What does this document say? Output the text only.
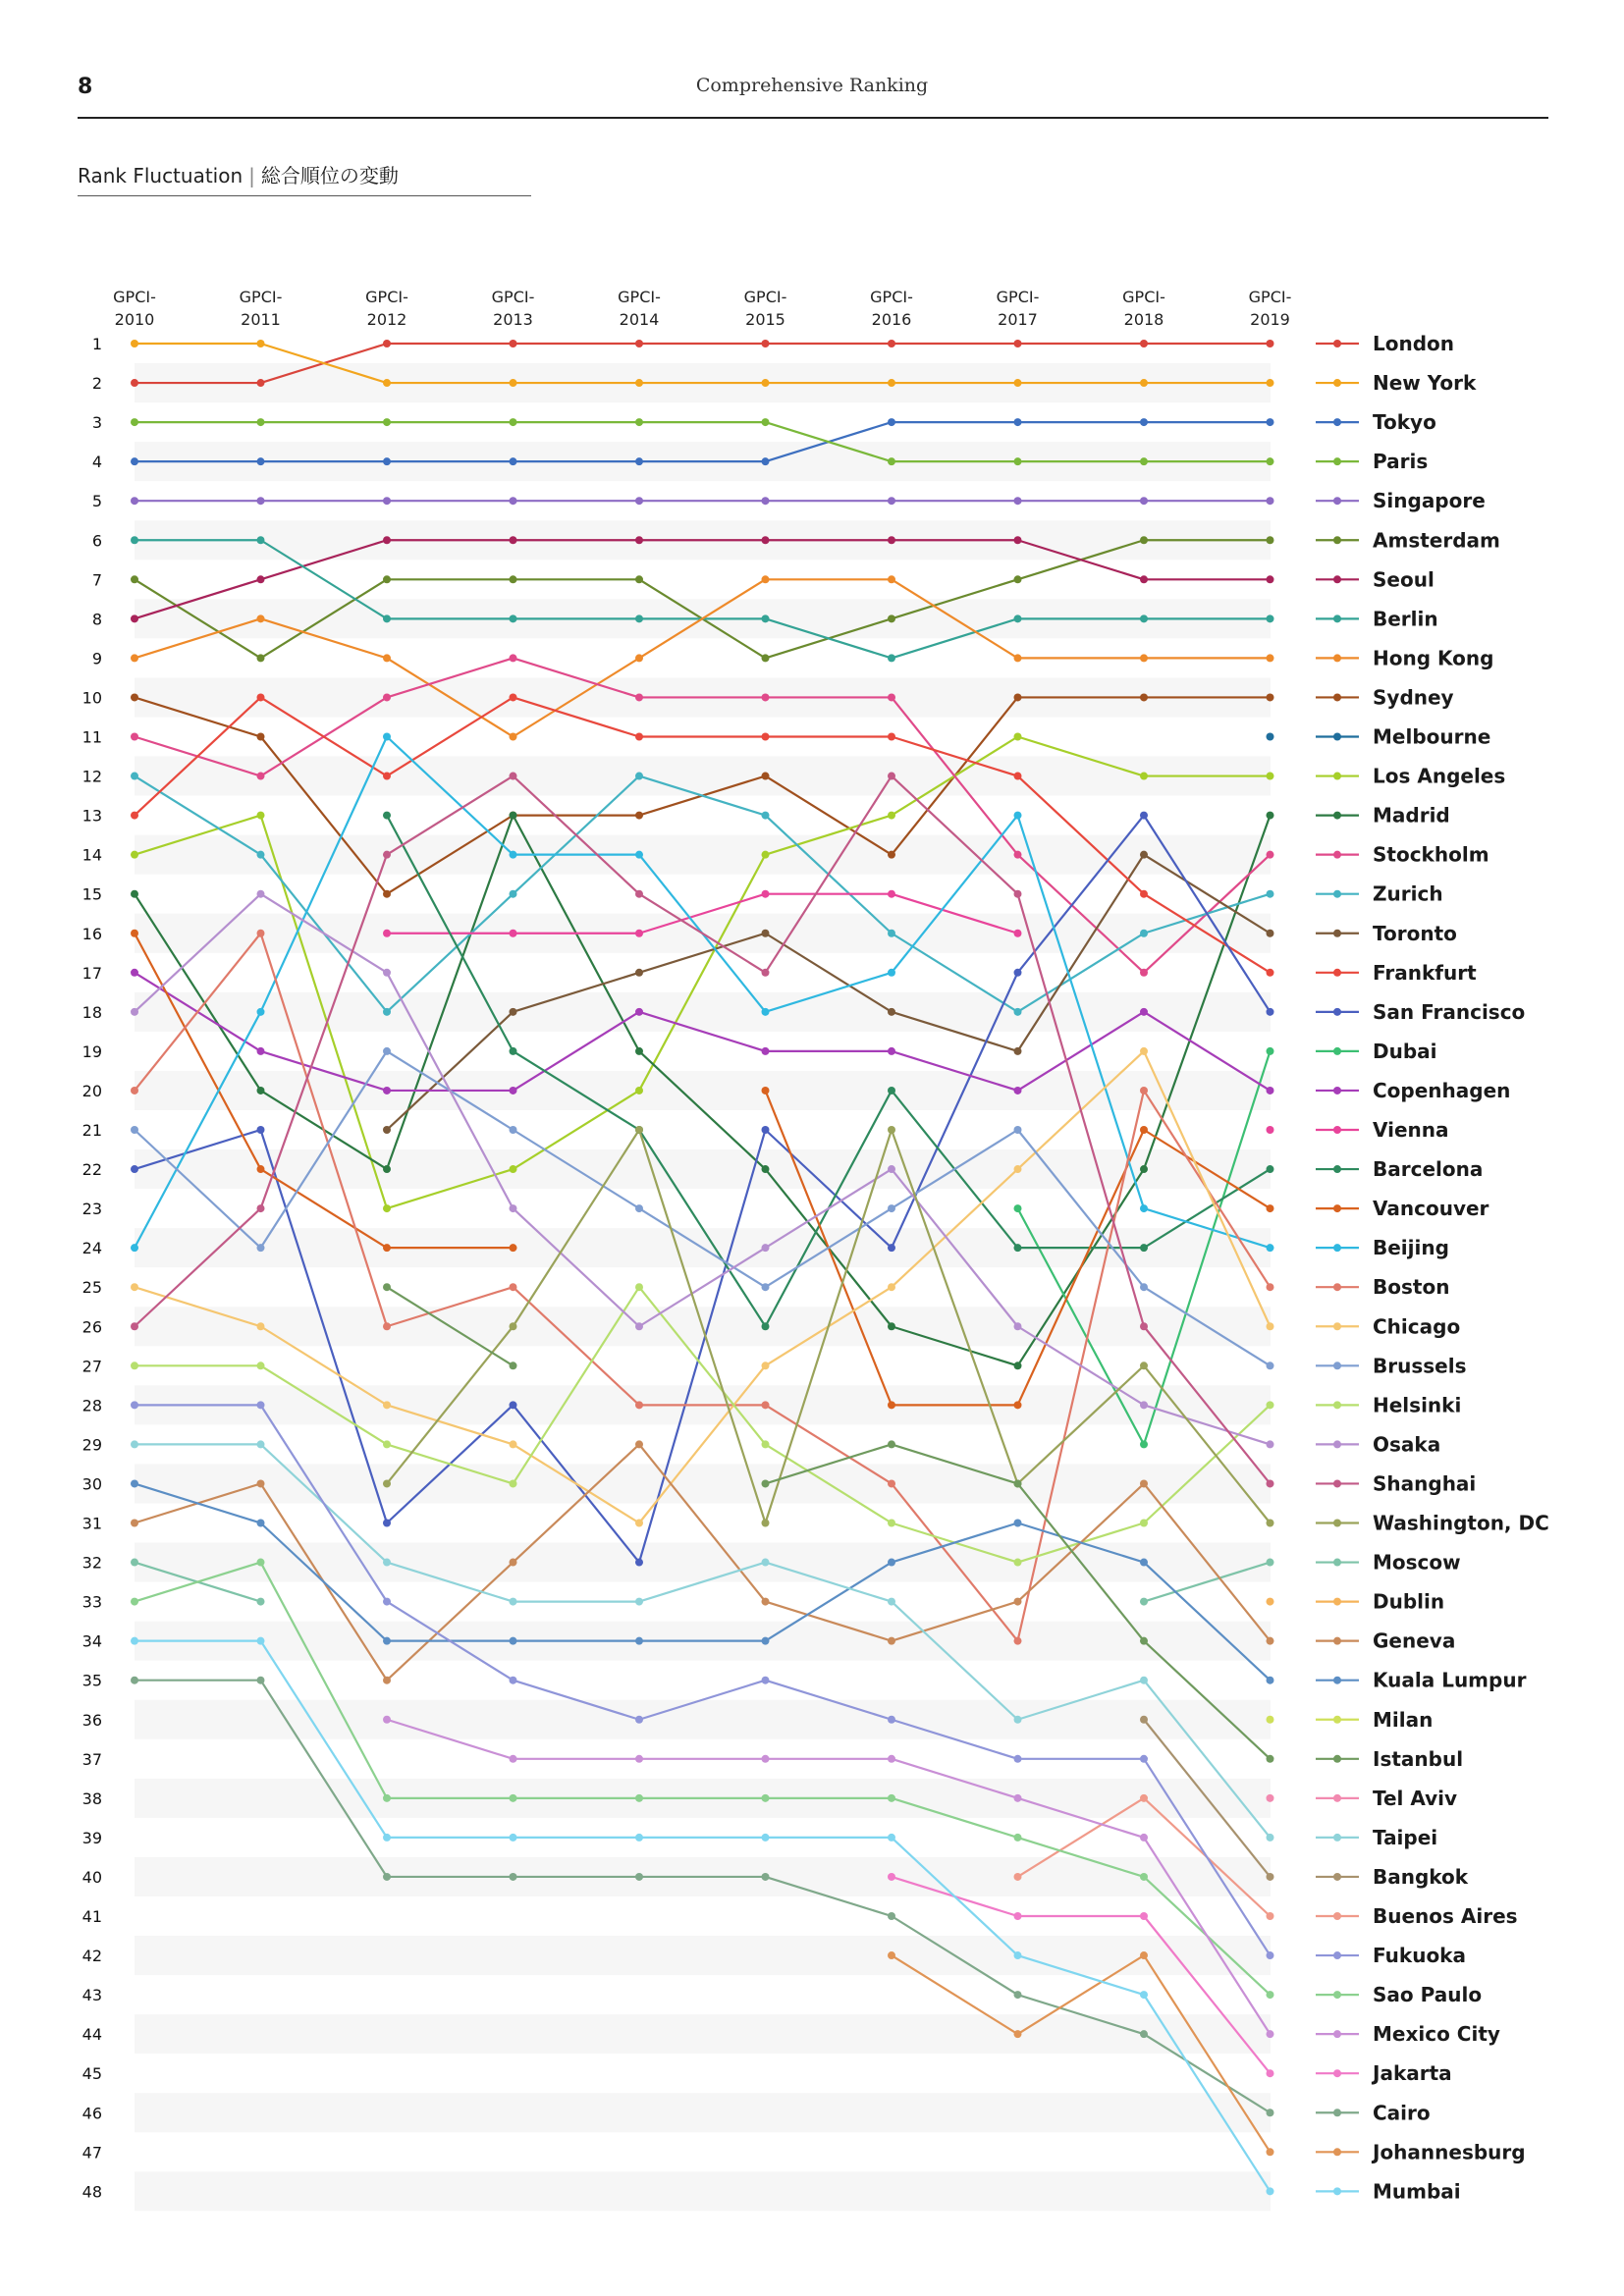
8	Comprehensive Ranking
Rank Fluctuation | 総合順位の変動
GPCI-
2010
GPCI-
2011
GPCI-
2012
GPCI-
2013
GPCI-
2014
GPCI-
2015
GPCI-
2016
GPCI-
2017
GPCI-
2018
GPCI-
2019
1
2
3
4
5
6
7
8
9
10
11
12
13
14
15
16
17
18
19
20
21
22
23
24
25
26
27
28
29
30
31
32
33
34
35
36
37
38
39
40
41
42
43
44
45
46
47
48
London
New York
Tokyo
Paris
Singapore
Amsterdam
Seoul
Berlin
Hong Kong
Sydney
Melbourne
Los Angeles
Madrid
Stockholm
Zurich
Toronto
Frankfurt
San Francisco
Dubai
Copenhagen
Vienna
Barcelona
Vancouver
Beijing
Boston
Chicago
Brussels
Helsinki
Osaka
Shanghai
Washington, DC
Moscow
Dublin
Geneva
Kuala Lumpur
Milan
Istanbul
Tel Aviv
Taipei
Bangkok
Buenos Aires
Fukuoka
Sao Paulo
Mexico City
Jakarta
Cairo
Johannesburg
Mumbai
